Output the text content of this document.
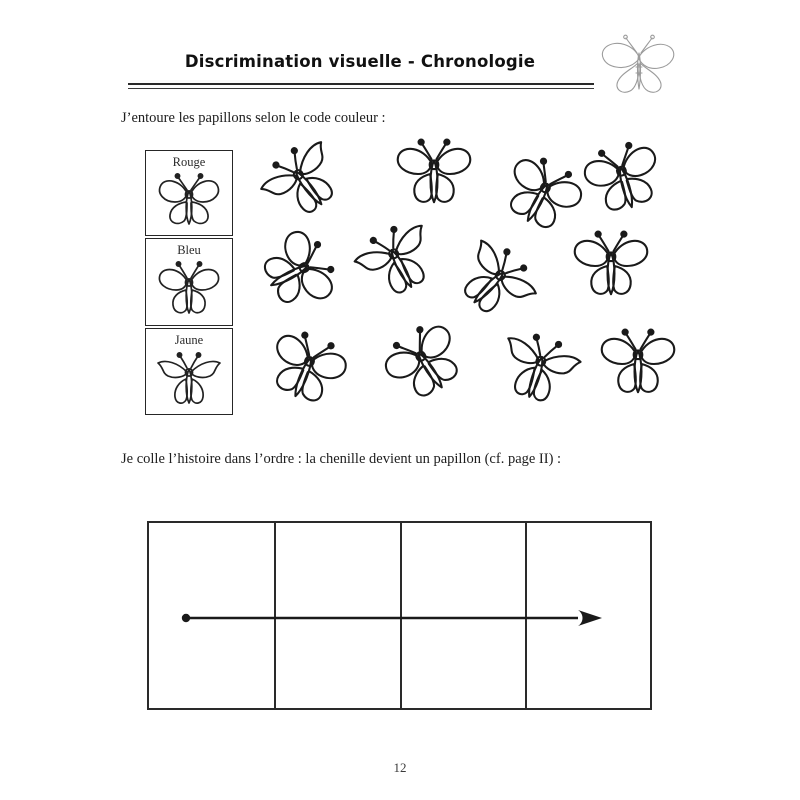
Discrimination visuelle - Chronologie
J’entoure les papillons selon le code couleur :
Rouge
Bleu
Jaune
Je colle l’histoire dans l’ordre : la chenille devient un papillon (cf. page II) :
12
